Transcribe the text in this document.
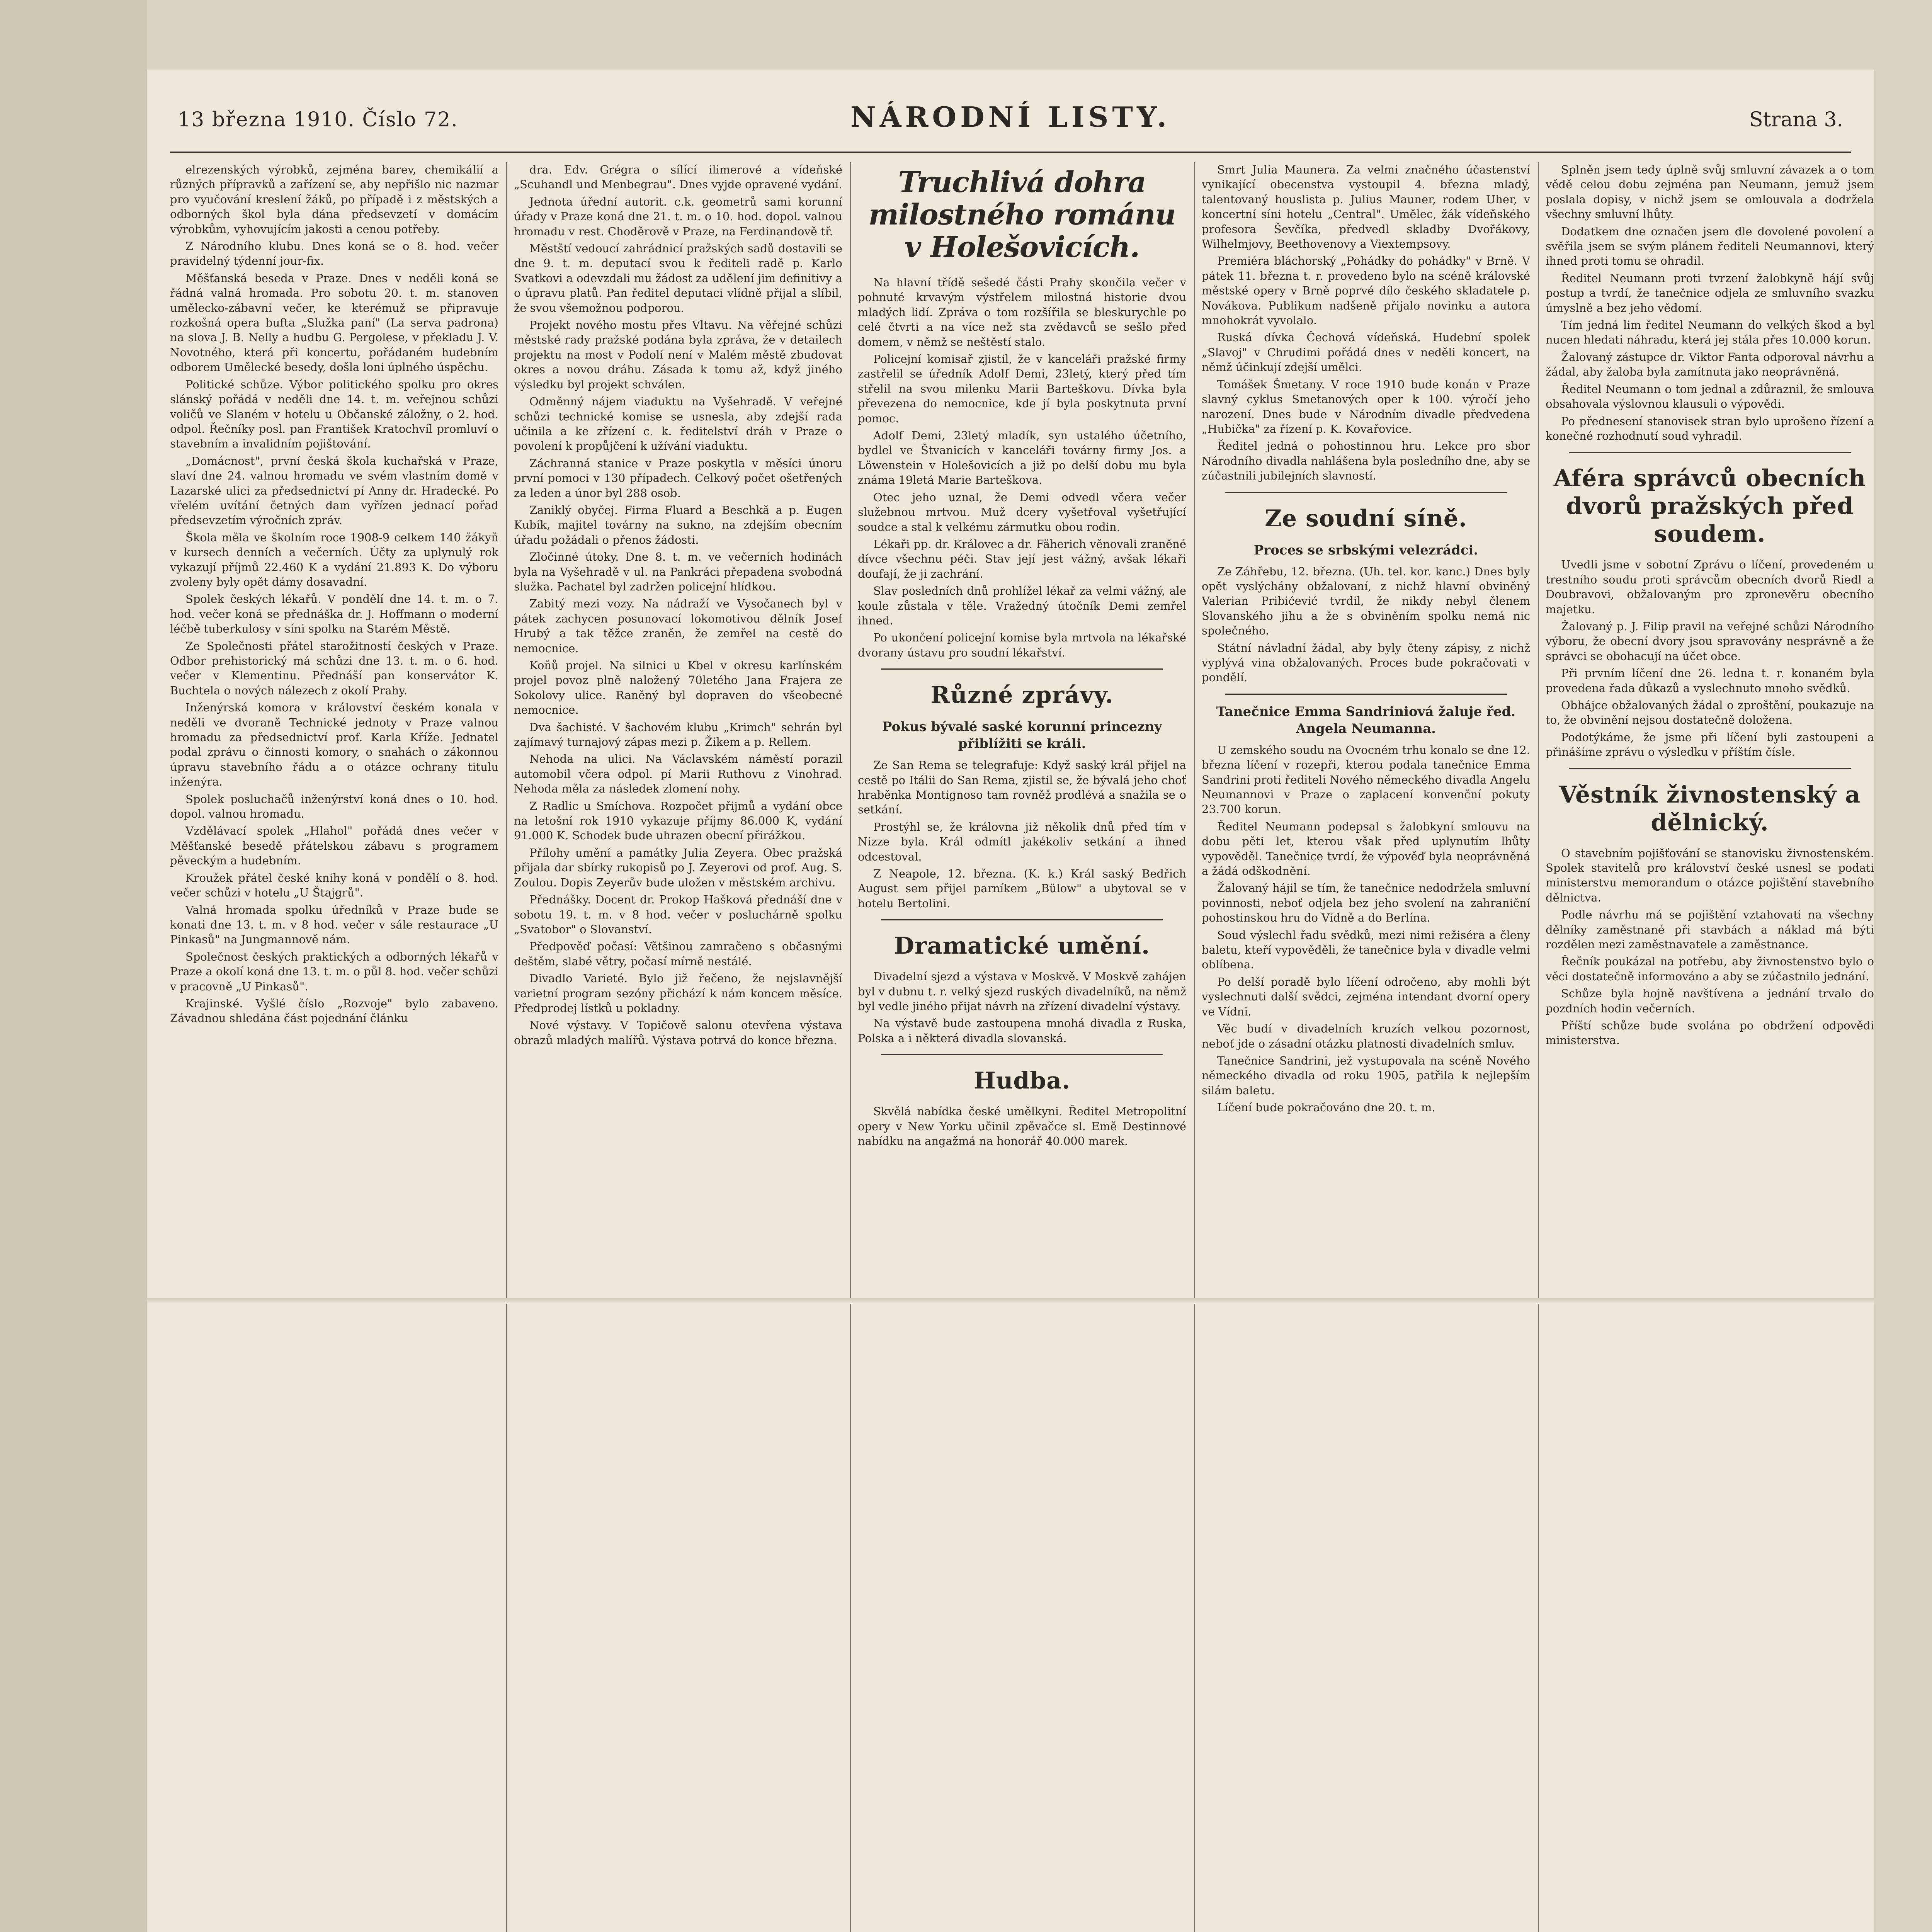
13 března 1910. Číslo 72.	NÁRODNÍ LISTY.	Strana 3.

elrezenských výrobků, zejména barev, chemikálií a různých přípravků a zařízení se, aby nepřišlo nic nazmar pro vyučování kreslení žáků, po případě i z městských a odborných škol byla dána předsevzetí v domácím výrobkům, vyhovujícím jakosti a cenou potřeby.

Z Národního klubu. Dnes koná se o 8. hod. večer pravidelný týdenní jour-fix.

Měšťanská beseda v Praze. Dnes v neděli koná se řádná valná hromada. Pro sobotu 20. t. m. stanoven umělecko-zábavní večer, ke kterémuž se připravuje rozkošná opera bufta „Služka paní" (La serva padrona) na slova J. B. Nelly a hudbu G. Pergolese, v překladu J. V. Novotného, která při koncertu, pořádaném hudebním odborem Umělecké besedy, došla loni úplného úspěchu.

Politické schůze. Výbor politického spolku pro okres slánský pořádá v neděli dne 14. t. m. veřejnou schůzi voličů ve Slaném v hotelu u Občanské záložny, o 2. hod. odpol. Řečníky posl. pan František Kratochvíl promluví o stavebním a invalidním pojištování.

„Domácnost", první česká škola kuchařská v Praze, slaví dne 24. valnou hromadu ve svém vlastním domě v Lazarské ulici za předsednictví pí Anny dr. Hradecké. Po vřelém uvítání četných dam vyřízen jednací pořad předsevzetím výročních zpráv.

Škola měla ve školním roce 1908-9 celkem 140 žákyň v kursech denních a večerních. Účty za uplynulý rok vykazují příjmů 22.460 K a vydání 21.893 K. Do výboru zvoleny byly opět dámy dosavadní.

Spolek českých lékařů. V pondělí dne 14. t. m. o 7. hod. večer koná se přednáška dr. J. Hoffmann o moderní léčbě tuberkulosy v síni spolku na Starém Městě.

Ze Společnosti přátel starožitností českých v Praze. Odbor prehistorický má schůzi dne 13. t. m. o 6. hod. večer v Klementinu. Přednáší pan konservátor K. Buchtela o nových nálezech z okolí Prahy.

Inženýrská komora v království českém konala v neděli ve dvoraně Technické jednoty v Praze valnou hromadu za předsednictví prof. Karla Kříže. Jednatel podal zprávu o činnosti komory, o snahách o zákonnou úpravu stavebního řádu a o otázce ochrany titulu inženýra.

Spolek posluchačů inženýrství koná dnes o 10. hod. dopol. valnou hromadu.

Vzdělávací spolek „Hlahol" pořádá dnes večer v Měšťanské besedě přátelskou zábavu s programem pěveckým a hudebním.

Kroužek přátel české knihy koná v pondělí o 8. hod. večer schůzi v hotelu „U Štajgrů".

Valná hromada spolku úředníků v Praze bude se konati dne 13. t. m. v 8 hod. večer v sále restaurace „U Pinkasů" na Jungmannově nám.

Společnost českých praktických a odborných lékařů v Praze a okolí koná dne 13. t. m. o půl 8. hod. večer schůzi v pracovně „U Pinkasů".

Krajinské. Vyšlé číslo „Rozvoje" bylo zabaveno. Závadnou shledána část pojednání článku

dra. Edv. Grégra o sílící ilimerové a vídeňské „Scuhandl und Menbegrau". Dnes vyjde opravené vydání.

Jednota úřední autorit. c.k. geometrů sami korunní úřady v Praze koná dne 21. t. m. o 10. hod. dopol. valnou hromadu v rest. Choděrově v Praze, na Ferdinandově tř.

Městští vedoucí zahrádnicí pražských sadů dostavili se dne 9. t. m. deputací svou k řediteli radě p. Karlo Svatkovi a odevzdali mu žádost za udělení jim definitivy a o úpravu platů. Pan ředitel deputaci vlídně přijal a slíbil, že svou všemožnou podporou.

Projekt nového mostu přes Vltavu. Na věřejné schůzi městské rady pražské podána byla zpráva, že v detailech projektu na most v Podolí není v Malém městě zbudovat okres a novou dráhu. Zásada k tomu až, když jiného výsledku byl projekt schválen.

Odměnný nájem viaduktu na Vyšehradě. V veřejné schůzi technické komise se usnesla, aby zdejší rada učinila a ke zřízení c. k. ředitelství dráh v Praze o povolení k propůjčení k užívání viaduktu.

Záchranná stanice v Praze poskytla v měsíci únoru první pomoci v 130 případech. Celkový počet ošetřených za leden a únor byl 288 osob.

Zaniklý obyčej. Firma Fluard a Beschkă a p. Eugen Kubík, majitel továrny na sukno, na zdejším obecním úřadu požádali o přenos žádosti.

Zločinné útoky. Dne 8. t. m. ve večerních hodinách byla na Vyšehradě v ul. na Pankráci přepadena svobodná služka. Pachatel byl zadržen policejní hlídkou.

Zabitý mezi vozy. Na nádraží ve Vysočanech byl v pátek zachycen posunovací lokomotivou dělník Josef Hrubý a tak těžce zraněn, že zemřel na cestě do nemocnice.

Koňů projel. Na silnici u Kbel v okresu karlínském projel povoz plně naložený 70letého Jana Frajera ze Sokolovy ulice. Raněný byl dopraven do všeobecné nemocnice.

Dva šachisté. V šachovém klubu „Krimch" sehrán byl zajímavý turnajový zápas mezi p. Žikem a p. Rellem.

Nehoda na ulici. Na Václavském náměstí porazil automobil včera odpol. pí Marii Ruthovu z Vinohrad. Nehoda měla za následek zlomení nohy.

Z Radlic u Smíchova. Rozpočet přijmů a vydání obce na letošní rok 1910 vykazuje příjmy 86.000 K, vydání 91.000 K. Schodek bude uhrazen obecní přirážkou.

Přílohy umění a památky Julia Zeyera. Obec pražská přijala dar sbírky rukopisů po J. Zeyerovi od prof. Aug. S. Zoulou. Dopis Zeyerův bude uložen v městském archivu.

Přednášky. Docent dr. Prokop Hašková přednáší dne v sobotu 19. t. m. v 8 hod. večer v posluchárně spolku „Svatobor" o Slovanství.

Předpověď počasí: Většinou zamračeno s občasnými deštěm, slabé větry, počasí mírně nestálé.

Divadlo Varieté. Bylo již řečeno, že nejslavnější varietní program sezóny přichází k nám koncem měsíce. Předprodej lístků u pokladny.

Nové výstavy. V Topičově salonu otevřena výstava obrazů mladých malířů. Výstava potrvá do konce března.

Truchlivá dohra milostného románu v Holešovicích.

Na hlavní třídě sešedé části Prahy skončila večer v pohnuté krvavým výstřelem milostná historie dvou mladých lidí. Zpráva o tom rozšířila se bleskurychle po celé čtvrti a na více než sta zvědavců se sešlo před domem, v němž se neštěstí stalo.

Policejní komisař zjistil, že v kanceláři pražské firmy zastřelil se úředník Adolf Demi, 23letý, který před tím střelil na svou milenku Marii Barteškovu. Dívka byla převezena do nemocnice, kde jí byla poskytnuta první pomoc.

Adolf Demi, 23letý mladík, syn ustalého účetního, bydlel ve Štvanicích v kanceláři továrny firmy Jos. a Löwenstein v Holešovicích a již po delší dobu mu byla známa 19letá Marie Barteškova.

Otec jeho uznal, že Demi odvedl včera večer služebnou mrtvou. Muž dcery vyšetřoval vyšetřující soudce a stal k velkému zármutku obou rodin.

Lékaři pp. dr. Královec a dr. Fäherich věnovali zraněné dívce všechnu péči. Stav její jest vážný, avšak lékaři doufají, že ji zachrání.

Slav posledních dnů prohlížel lékař za velmi vážný, ale koule zůstala v těle. Vražedný útočník Demi zemřel ihned.

Po ukončení policejní komise byla mrtvola na lékařské dvorany ústavu pro soudní lékařství.

Různé zprávy.
Pokus bývalé saské korunní princezny přiblížiti se králi.

Ze San Rema se telegrafuje: Když saský král přijel na cestě po Itálii do San Rema, zjistil se, že bývalá jeho choť hraběnka Montignoso tam rovněž prodlévá a snažila se o setkání.

Prostýhl se, že královna již několik dnů před tím v Nizze byla. Král odmítl jakékoliv setkání a ihned odcestoval.

Z Neapole, 12. března. (K. k.) Král saský Bedřich August sem přijel parníkem „Bülow" a ubytoval se v hotelu Bertolini.

Dramatické umění.

Divadelní sjezd a výstava v Moskvě. V Moskvě zahájen byl v dubnu t. r. velký sjezd ruských divadelníků, na němž byl vedle jiného přijat návrh na zřízení divadelní výstavy.

Na výstavě bude zastoupena mnohá divadla z Ruska, Polska a i některá divadla slovanská.

Hudba.

Skvělá nabídka české umělkyni. Ředitel Metropolitní opery v New Yorku učinil zpěvačce sl. Emě Destinnové nabídku na angažmá na honorář 40.000 marek.

Smrt Julia Maunera. Za velmi značného účastenství vynikající obecenstva vystoupil 4. března mladý, talentovaný houslista p. Julius Mauner, rodem Uher, v koncertní síni hotelu „Central". Umělec, žák vídeňského profesora Ševčíka, předvedl skladby Dvořákovy, Wilhelmjovy, Beethovenovy a Viextempsovy.

Premiéra bláchorský „Pohádky do pohádky" v Brně. V pátek 11. března t. r. provedeno bylo na scéně královské městské opery v Brně poprvé dílo českého skladatele p. Novákova. Publikum nadšeně přijalo novinku a autora mnohokrát vyvolalo.

Ruská dívka Čechová vídeňská. Hudební spolek „Slavoj" v Chrudimi pořádá dnes v neděli koncert, na němž účinkují zdejší umělci.

Tomášek Šmetany. V roce 1910 bude konán v Praze slavný cyklus Smetanových oper k 100. výročí jeho narození. Dnes bude v Národním divadle předvedena „Hubička" za řízení p. K. Kovařovice.

Ředitel jedná o pohostinnou hru. Lekce pro sbor Národního divadla nahlášena byla posledního dne, aby se zúčastnili jubilejních slavností.

Ze soudní síně.
Proces se srbskými velezrádci.

Ze Záhřebu, 12. března. (Uh. tel. kor. kanc.) Dnes byly opět vyslýchány obžalovaní, z nichž hlavní obviněný Valerian Pribićević tvrdil, že nikdy nebyl členem Slovanského jihu a že s obviněním spolku nemá nic společného.

Státní návladní žádal, aby byly čteny zápisy, z nichž vyplývá vina obžalovaných. Proces bude pokračovati v pondělí.

Tanečnice Emma Sandriniová žaluje řed. Angela Neumanna.

U zemského soudu na Ovocném trhu konalo se dne 12. března líčení v rozepři, kterou podala tanečnice Emma Sandrini proti řediteli Nového německého divadla Angelu Neumannovi v Praze o zaplacení konvenční pokuty 23.700 korun.

Ředitel Neumann podepsal s žalobkyní smlouvu na dobu pěti let, kterou však před uplynutím lhůty vypověděl. Tanečnice tvrdí, že výpověď byla neoprávněná a žádá odškodnění.

Žalovaný hájil se tím, že tanečnice nedodržela smluvní povinnosti, neboť odjela bez jeho svolení na zahraniční pohostinskou hru do Vídně a do Berlína.

Soud výslechl řadu svědků, mezi nimi režiséra a členy baletu, kteří vypověděli, že tanečnice byla v divadle velmi oblíbena.

Po delší poradě bylo líčení odročeno, aby mohli být vyslechnuti další svědci, zejména intendant dvorní opery ve Vídni.

Věc budí v divadelních kruzích velkou pozornost, neboť jde o zásadní otázku platnosti divadelních smluv.

Tanečnice Sandrini, jež vystupovala na scéně Nového německého divadla od roku 1905, patřila k nejlepším silám baletu.

Líčení bude pokračováno dne 20. t. m.

Splněn jsem tedy úplně svůj smluvní závazek a o tom vědě celou dobu zejména pan Neumann, jemuž jsem poslala dopisy, v nichž jsem se omlouvala a dodržela všechny smluvní lhůty.

Dodatkem dne označen jsem dle dovolené povolení a svěřila jsem se svým plánem řediteli Neumannovi, který ihned proti tomu se ohradil.

Ředitel Neumann proti tvrzení žalobkyně hájí svůj postup a tvrdí, že tanečnice odjela ze smluvního svazku úmyslně a bez jeho vědomí.

Tím jedná lim ředitel Neumann do velkých škod a byl nucen hledati náhradu, která jej stála přes 10.000 korun.

Žalovaný zástupce dr. Viktor Fanta odporoval návrhu a žádal, aby žaloba byla zamítnuta jako neoprávněná.

Ředitel Neumann o tom jednal a zdůraznil, že smlouva obsahovala výslovnou klausuli o výpovědi.

Po přednesení stanovisek stran bylo uprošeno řízení a konečné rozhodnutí soud vyhradil.

Aféra správců obecních dvorů pražských před soudem.

Uvedli jsme v sobotní Zprávu o líčení, provedeném u trestního soudu proti správcům obecních dvorů Riedl a Doubravovi, obžalovaným pro zpronevěru obecního majetku.

Žalovaný p. J. Filip pravil na veřejné schůzi Národního výboru, že obecní dvory jsou spravovány nesprávně a že správci se obohacují na účet obce.

Při prvním líčení dne 26. ledna t. r. konaném byla provedena řada důkazů a vyslechnuto mnoho svědků.

Obhájce obžalovaných žádal o zproštění, poukazuje na to, že obvinění nejsou dostatečně doložena.

Podotýkáme, že jsme při líčení byli zastoupeni a přinášíme zprávu o výsledku v příštím čísle.

Věstník živnostenský a dělnický.

O stavebním pojišťování se stanovisku živnostenském. Spolek stavitelů pro království české usnesl se podati ministerstvu memorandum o otázce pojištění stavebního dělnictva.

Podle návrhu má se pojištění vztahovati na všechny dělníky zaměstnané při stavbách a náklad má býti rozdělen mezi zaměstnavatele a zaměstnance.

Řečník poukázal na potřebu, aby živnostenstvo bylo o věci dostatečně informováno a aby se zúčastnilo jednání.

Schůze byla hojně navštívena a jednání trvalo do pozdních hodin večerních.

Příští schůze bude svolána po obdržení odpovědi ministerstva.
